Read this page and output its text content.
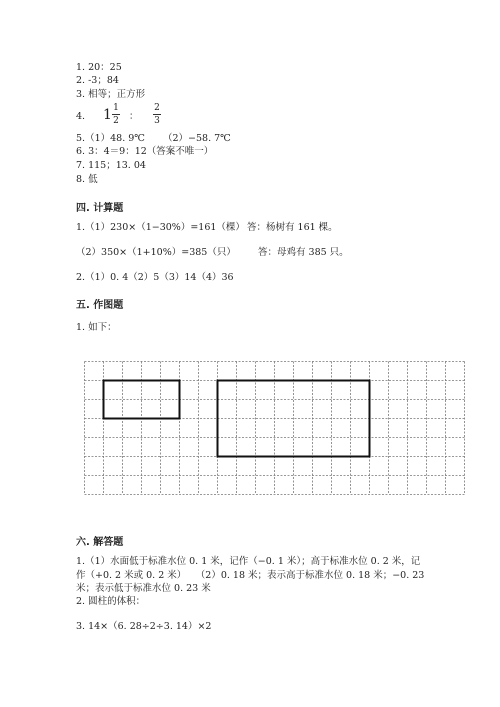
1. 20：25
2. -3；84
3. 相等；正方形
4. 1 1
2 ：
2
3
5.（1）48. 9℃ （2）−58. 7℃
6. 3：4＝9：12（答案不唯一）
7. 115；13. 04
8. 低
四. 计算题
1.（1）230×（1−30%）=161（棵） 答：杨树有 161 棵。
（2）350×（1+10%）=385（只） 答：母鸡有 385 只。
2.（1）0. 4（2）5（3）14（4）36
五. 作图题
1. 如下：
六. 解答题
1.（1）水面低于标准水位 0. 1 米，记作（−0. 1 米）；高于标准水位 0. 2 米，记
作（+0. 2 米或 0. 2 米）　　（2）0. 18 米；表示高于标准水位 0. 18 米；−0. 23
米；表示低于标准水位 0. 23 米
2. 圆柱的体积：
3. 14×（6. 28÷2÷3. 14）×2
